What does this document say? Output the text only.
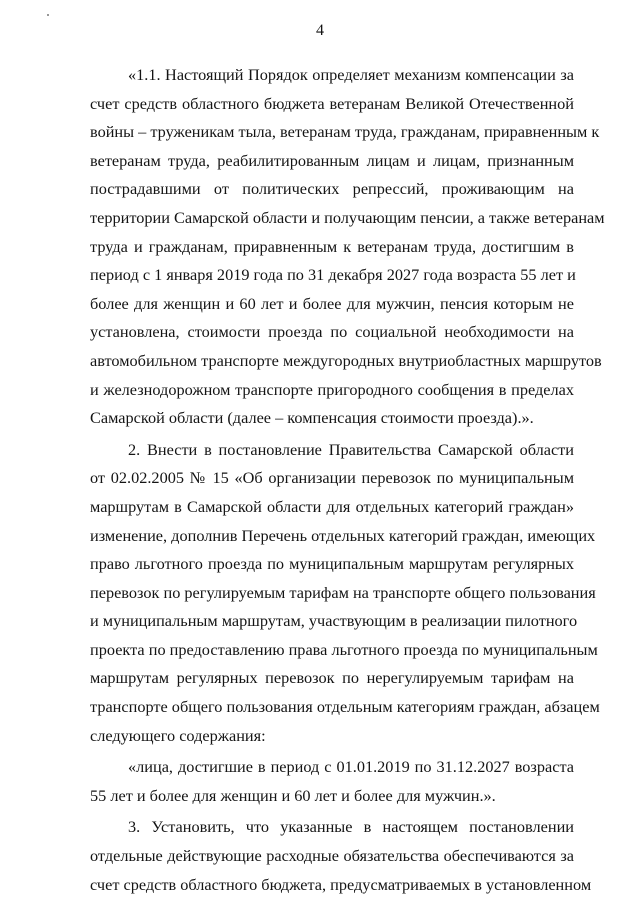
4

«1.1. Настоящий Порядок определяет механизм компенсации за
счет средств областного бюджета ветеранам Великой Отечественной
войны – труженикам тыла, ветеранам труда, гражданам, приравненным к
ветеранам труда, реабилитированным лицам и лицам, признанным
пострадавшими от политических репрессий, проживающим на
территории Самарской области и получающим пенсии, а также ветеранам
труда и гражданам, приравненным к ветеранам труда, достигшим в
период с 1 января 2019 года по 31 декабря 2027 года возраста 55 лет и
более для женщин и 60 лет и более для мужчин, пенсия которым не
установлена, стоимости проезда по социальной необходимости на
автомобильном транспорте междугородных внутриобластных маршрутов
и железнодорожном транспорте пригородного сообщения в пределах
Самарской области (далее – компенсация стоимости проезда).».

2. Внести в постановление Правительства Самарской области
от 02.02.2005 № 15 «Об организации перевозок по муниципальным
маршрутам в Самарской области для отдельных категорий граждан»
изменение, дополнив Перечень отдельных категорий граждан, имеющих
право льготного проезда по муниципальным маршрутам регулярных
перевозок по регулируемым тарифам на транспорте общего пользования
и муниципальным маршрутам, участвующим в реализации пилотного
проекта по предоставлению права льготного проезда по муниципальным
маршрутам регулярных перевозок по нерегулируемым тарифам на
транспорте общего пользования отдельным категориям граждан, абзацем
следующего содержания:

«лица, достигшие в период с 01.01.2019 по 31.12.2027 возраста
55 лет и более для женщин и 60 лет и более для мужчин.».

3. Установить, что указанные в настоящем постановлении
отдельные действующие расходные обязательства обеспечиваются за
счет средств областного бюджета, предусматриваемых в установленном
